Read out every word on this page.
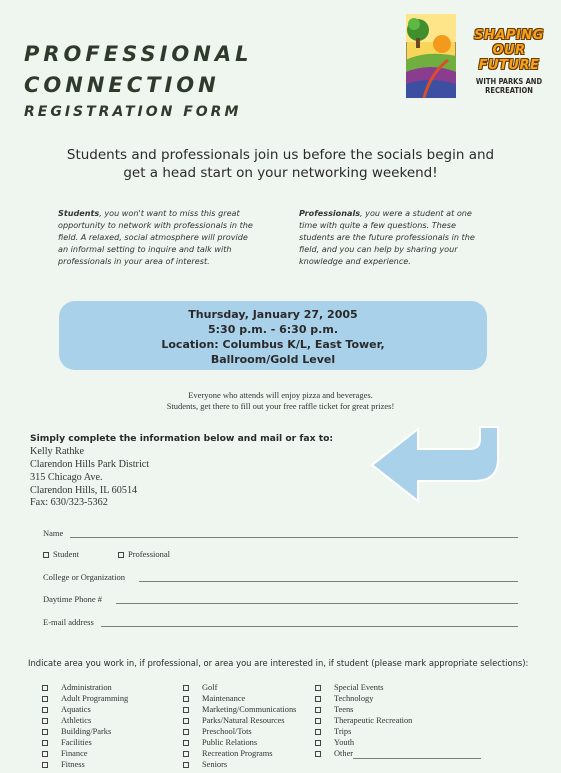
PROFESSIONAL
CONNECTION
REGISTRATION FORM
SHAPING
OUR
FUTURE
WITH PARKS AND RECREATION
Students and professionals join us before the socials begin and
get a head start on your networking weekend!
Students, you won't want to miss this great opportunity to network with professionals in the field. A relaxed, social atmosphere will provide an informal setting to inquire and talk with professionals in your area of interest.
Professionals, you were a student at one time with quite a few questions. These students are the future professionals in the field, and you can help by sharing your knowledge and experience.
Thursday, January 27, 2005
5:30 p.m. - 6:30 p.m.
Location: Columbus K/L, East Tower,
Ballroom/Gold Level
Everyone who attends will enjoy pizza and beverages.
Students, get there to fill out your free raffle ticket for great prizes!
Simply complete the information below and mail or fax to:
Kelly Rathke
Clarendon Hills Park District
315 Chicago Ave.
Clarendon Hills, IL 60514
Fax: 630/323-5362
Name
Student	Professional
College or Organization
Daytime Phone #
E-mail address
Indicate area you work in, if professional, or area you are interested in, if student (please mark appropriate selections):
Administration
Adult Programming
Aquatics
Athletics
Building/Parks
Facilities
Finance
Fitness
Golf
Maintenance
Marketing/Communications
Parks/Natural Resources
Preschool/Tots
Public Relations
Recreation Programs
Seniors
Special Events
Technology
Teens
Therapeutic Recreation
Trips
Youth
Other
